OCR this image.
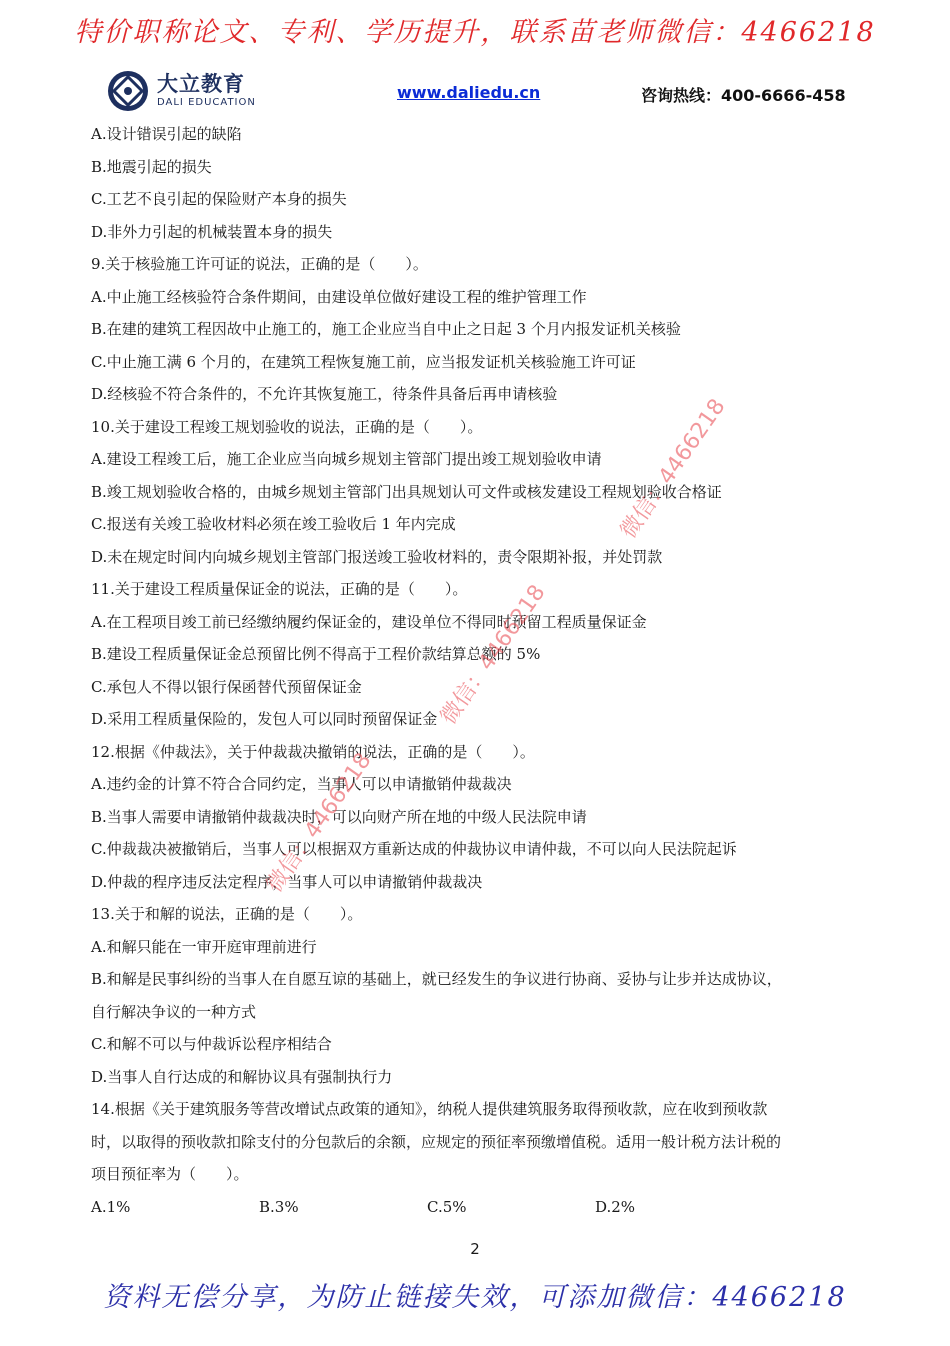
特价职称论文、专利、学历提升，联系苗老师微信：4466218
大立教育
DALI EDUCATION
www.daliedu.cn	咨询热线：400-6666-458
A.设计错误引起的缺陷
B.地震引起的损失
C.工艺不良引起的保险财产本身的损失
D.非外力引起的机械装置本身的损失
9.关于核验施工许可证的说法，正确的是（　　）。
A.中止施工经核验符合条件期间，由建设单位做好建设工程的维护管理工作
B.在建的建筑工程因故中止施工的，施工企业应当自中止之日起 3 个月内报发证机关核验
C.中止施工满 6 个月的，在建筑工程恢复施工前，应当报发证机关核验施工许可证
D.经核验不符合条件的，不允许其恢复施工，待条件具备后再申请核验
10.关于建设工程竣工规划验收的说法，正确的是（　　）。
A.建设工程竣工后，施工企业应当向城乡规划主管部门提出竣工规划验收申请
B.竣工规划验收合格的，由城乡规划主管部门出具规划认可文件或核发建设工程规划验收合格证
C.报送有关竣工验收材料必须在竣工验收后 1 年内完成
D.未在规定时间内向城乡规划主管部门报送竣工验收材料的，责令限期补报，并处罚款
11.关于建设工程质量保证金的说法，正确的是（　　）。
A.在工程项目竣工前已经缴纳履约保证金的，建设单位不得同时预留工程质量保证金
B.建设工程质量保证金总预留比例不得高于工程价款结算总额的 5%
C.承包人不得以银行保函替代预留保证金
D.采用工程质量保险的，发包人可以同时预留保证金
12.根据《仲裁法》，关于仲裁裁决撤销的说法，正确的是（　　）。
A.违约金的计算不符合合同约定，当事人可以申请撤销仲裁裁决
B.当事人需要申请撤销仲裁裁决时，可以向财产所在地的中级人民法院申请
C.仲裁裁决被撤销后，当事人可以根据双方重新达成的仲裁协议申请仲裁，不可以向人民法院起诉
D.仲裁的程序违反法定程序，当事人可以申请撤销仲裁裁决
13.关于和解的说法，正确的是（　　）。
A.和解只能在一审开庭审理前进行
B.和解是民事纠纷的当事人在自愿互谅的基础上，就已经发生的争议进行协商、妥协与让步并达成协议，
自行解决争议的一种方式
C.和解不可以与仲裁诉讼程序相结合
D.当事人自行达成的和解协议具有强制执行力
14.根据《关于建筑服务等营改增试点政策的通知》，纳税人提供建筑服务取得预收款，应在收到预收款
时，以取得的预收款扣除支付的分包款后的余额，应规定的预征率预缴增值税。适用一般计税方法计税的
项目预征率为（　　）。
A.1%	B.3%	C.5%	D.2%
微信：4466218
微信：4466218
微信：4466218
2
资料无偿分享，为防止链接失效，可添加微信：4466218
